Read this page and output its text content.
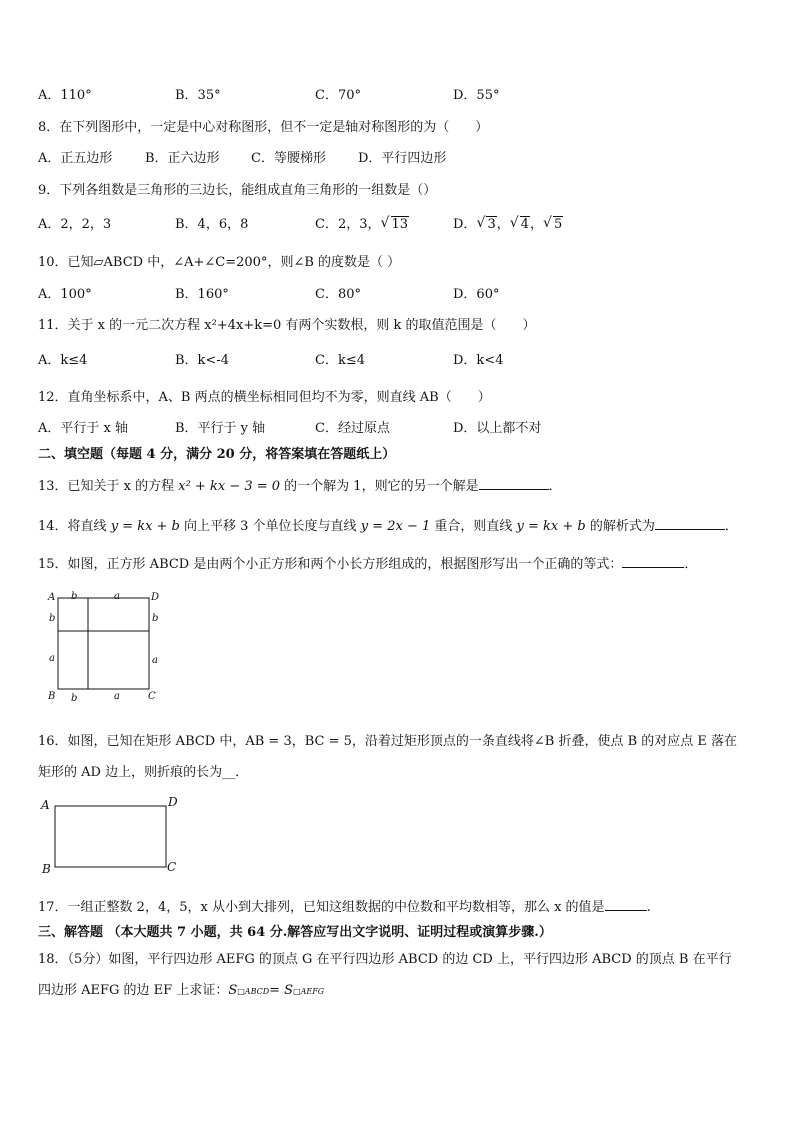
A．110°	B．35°	C．70°	D．55°
8．在下列图形中，一定是中心对称图形，但不一定是轴对称图形的为（　　）
A．正五边形	B．正六边形 C．等腰梯形 D．平行四边形
9．下列各组数是三角形的三边长，能组成直角三角形的一组数是（）
A．2，2，3	B．4，6，8	C．2，3， √ 13	D． √ 3， √ 4， √ 5
10．已知▱ABCD 中，∠A+∠C=200°，则∠B 的度数是（ ）
A．100°	B．160°	C．80°	D．60°
11．关于 x 的一元二次方程 x²+4x+k=0 有两个实数根，则 k 的取值范围是（　　）
A．k≤4	B．k<-4	C．k≤4	D．k<4
12．直角坐标系中，A、B 两点的横坐标相同但均不为零，则直线 AB（　　）
A．平行于 x 轴	B．平行于 y 轴	C．经过原点	D．以上都不对
二、填空题（每题 4 分，满分 20 分，将答案填在答题纸上）
13．已知关于 x 的方程 x² + kx − 3 = 0 的一个解为 1，则它的另一个解是	．
14．将直线 y = kx + b 向上平移 3 个单位长度与直线 y = 2x − 1 重合，则直线 y = kx + b 的解析式为	．
15．如图，正方形 ABCD 是由两个小正方形和两个小长方形组成的，根据图形写出一个正确的等式：	．
A	D
B	C
b	a
b	a
b
a
b
a
16．如图，已知在矩形 ABCD 中，AB = 3，BC = 5，沿着过矩形顶点的一条直线将∠B 折叠，使点 B 的对应点 E 落在
矩形的 AD 边上，则折痕的长为__．
A	D
B	C
17．一组正整数 2，4，5，x 从小到大排列，已知这组数据的中位数和平均数相等，那么 x 的值是	.
三、解答题 （本大题共 7 小题，共 64 分.解答应写出文字说明、证明过程或演算步骤.）
18．（5分）如图，平行四边形 AEFG 的顶点 G 在平行四边形 ABCD 的边 CD 上，平行四边形 ABCD 的顶点 B 在平行
四边形 AEFG 的边 EF 上求证：S□ABCD= S□AEFG
